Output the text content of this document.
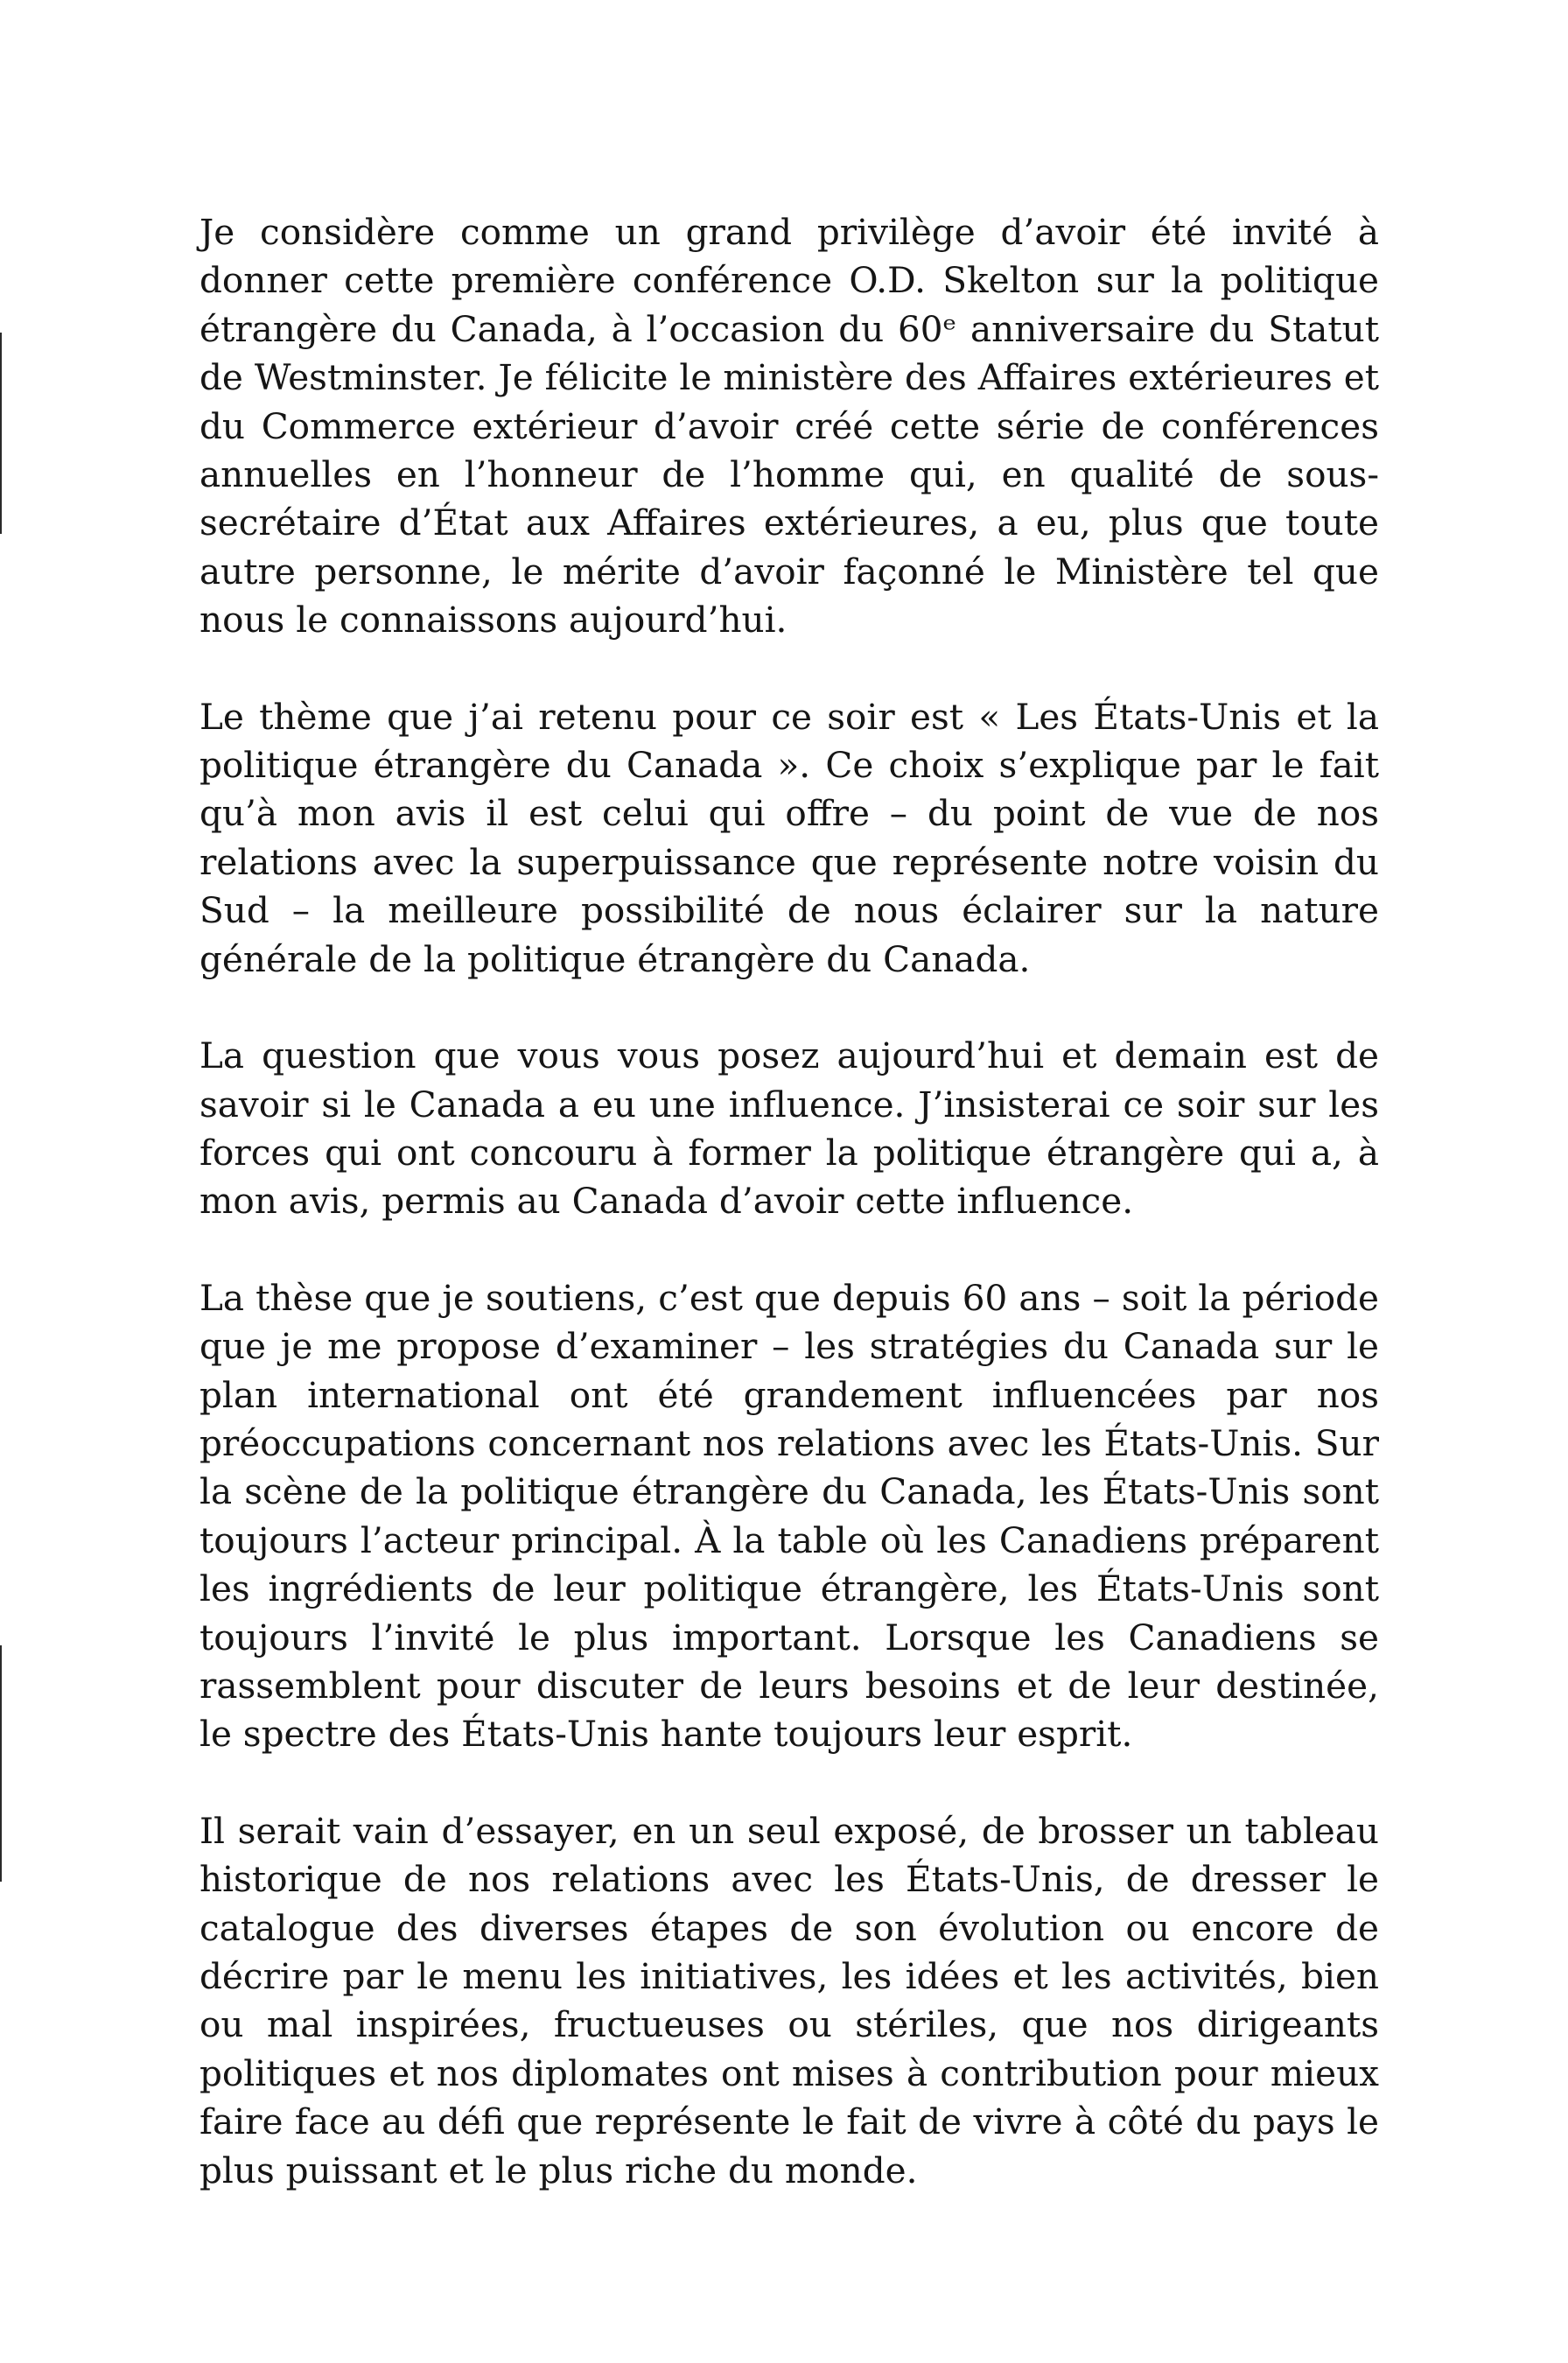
Je considère comme un grand privilège d’avoir été invité à donner cette première conférence O.D. Skelton sur la politique étrangère du Canada, à l’occasion du 60ᵉ anniversaire du Statut de Westminster. Je félicite le ministère des Affaires extérieures et du Commerce extérieur d’avoir créé cette série de conférences annuelles en l’honneur de l’homme qui, en qualité de sous-secrétaire d’État aux Affaires extérieures, a eu, plus que toute autre personne, le mérite d’avoir façonné le Ministère tel que nous le connaissons aujourd’hui.

Le thème que j’ai retenu pour ce soir est « Les États-Unis et la politique étrangère du Canada ». Ce choix s’explique par le fait qu’à mon avis il est celui qui offre – du point de vue de nos relations avec la superpuissance que représente notre voisin du Sud – la meilleure possibilité de nous éclairer sur la nature générale de la politique étrangère du Canada.

La question que vous vous posez aujourd’hui et demain est de savoir si le Canada a eu une influence. J’insisterai ce soir sur les forces qui ont concouru à former la politique étrangère qui a, à mon avis, permis au Canada d’avoir cette influence.

La thèse que je soutiens, c’est que depuis 60 ans – soit la période que je me propose d’examiner – les stratégies du Canada sur le plan international ont été grandement influencées par nos préoccupations concernant nos relations avec les États-Unis. Sur la scène de la politique étrangère du Canada, les États-Unis sont toujours l’acteur principal. À la table où les Canadiens préparent les ingrédients de leur politique étrangère, les États-Unis sont toujours l’invité le plus important. Lorsque les Canadiens se rassemblent pour discuter de leurs besoins et de leur destinée, le spectre des États-Unis hante toujours leur esprit.

Il serait vain d’essayer, en un seul exposé, de brosser un tableau historique de nos relations avec les États-Unis, de dresser le catalogue des diverses étapes de son évolution ou encore de décrire par le menu les initiatives, les idées et les activités, bien ou mal inspirées, fructueuses ou stériles, que nos dirigeants politiques et nos diplomates ont mises à contribution pour mieux faire face au défi que représente le fait de vivre à côté du pays le plus puissant et le plus riche du monde.
